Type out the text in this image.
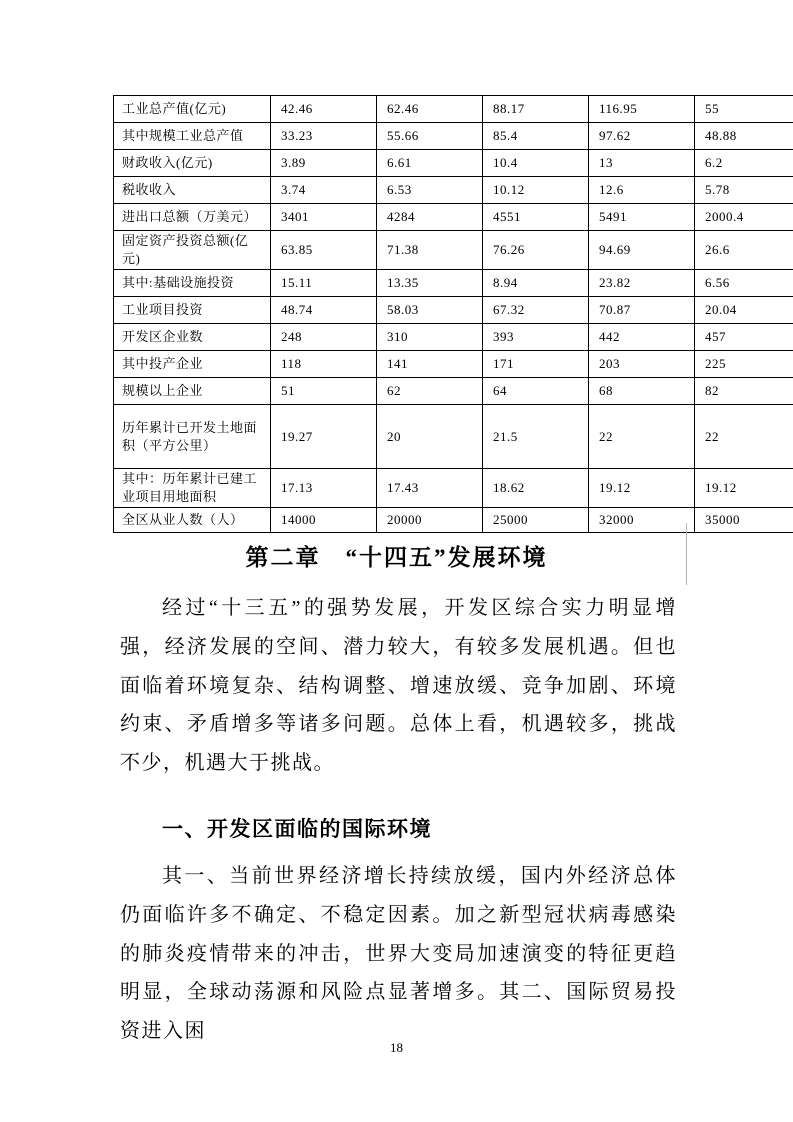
工业总产值(亿元)	42.46	62.46	88.17	116.95	55
其中规模工业总产值	33.23	55.66	85.4	97.62	48.88
财政收入(亿元)	3.89	6.61	10.4	13	6.2
税收收入	3.74	6.53	10.12	12.6	5.78
进出口总额（万美元）	3401	4284	4551	5491	2000.4
固定资产投资总额(亿元)	63.85	71.38	76.26	94.69	26.6
其中:基础设施投资	15.11	13.35	8.94	23.82	6.56
工业项目投资	48.74	58.03	67.32	70.87	20.04
开发区企业数	248	310	393	442	457
其中投产企业	118	141	171	203	225
规模以上企业	51	62	64	68	82
历年累计已开发土地面积（平方公里）	19.27	20	21.5	22	22
其中：历年累计已建工业项目用地面积	17.13	17.43	18.62	19.12	19.12
全区从业人数（人）	14000	20000	25000	32000	35000
第二章　“十四五”发展环境
经过“十三五”的强势发展，开发区综合实力明显增强，经济发展的空间、潜力较大，有较多发展机遇。但也面临着环境复杂、结构调整、增速放缓、竞争加剧、环境约束、矛盾增多等诸多问题。总体上看，机遇较多，挑战不少，机遇大于挑战。
一、开发区面临的国际环境
其一、当前世界经济增长持续放缓，国内外经济总体仍面临许多不确定、不稳定因素。加之新型冠状病毒感染的肺炎疫情带来的冲击，世界大变局加速演变的特征更趋明显，全球动荡源和风险点显著增多。其二、国际贸易投资进入困
18
